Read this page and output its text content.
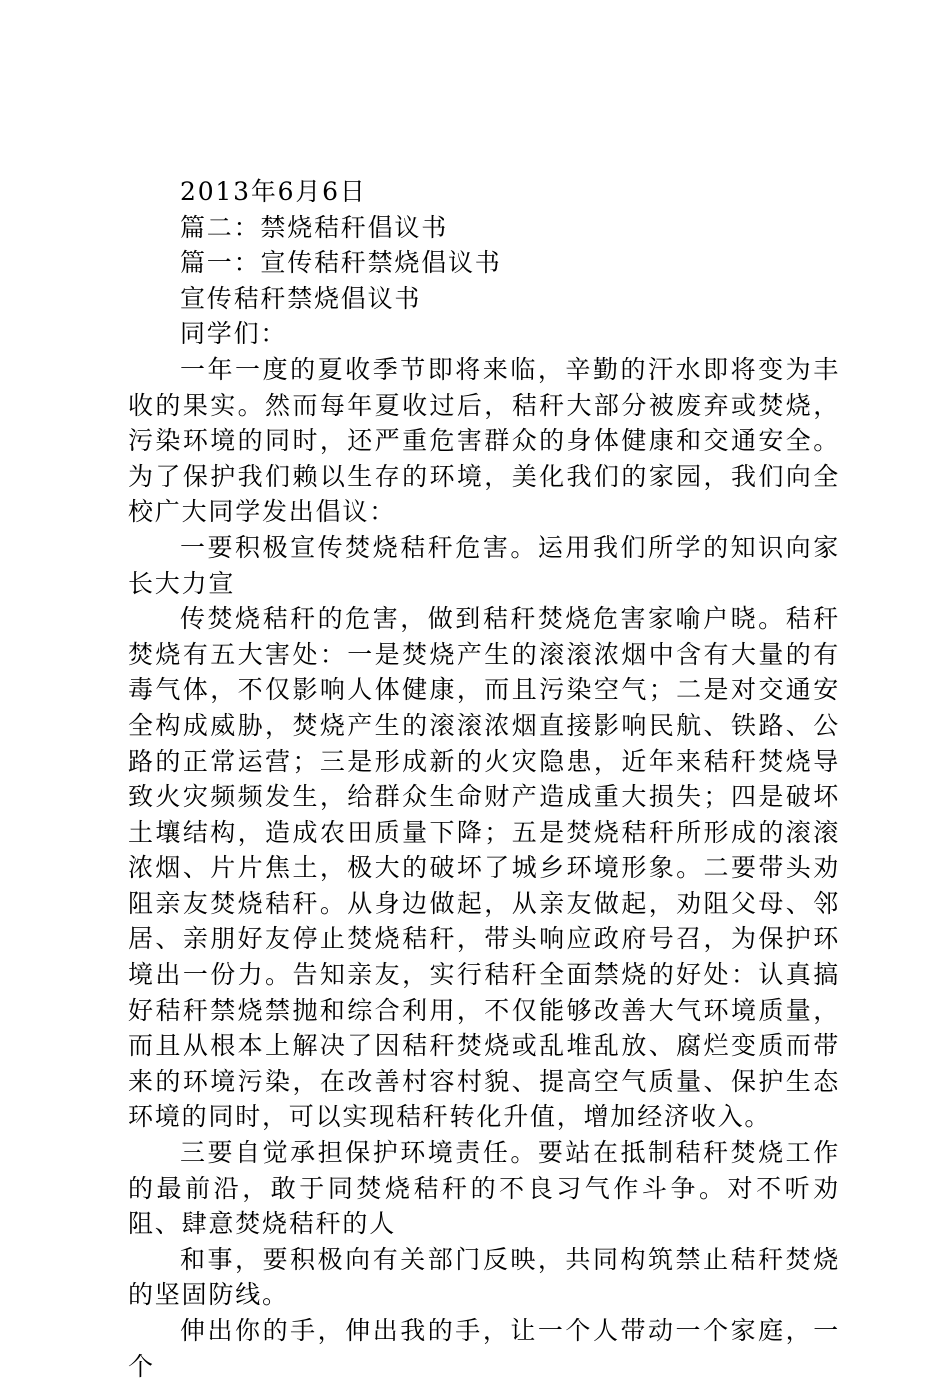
2013年6月6日

篇二：禁烧秸秆倡议书

篇一：宣传秸秆禁烧倡议书

宣传秸秆禁烧倡议书

同学们：

一年一度的夏收季节即将来临，辛勤的汗水即将变为丰收的果实。然而每年夏收过后，秸秆大部分被废弃或焚烧，污染环境的同时，还严重危害群众的身体健康和交通安全。为了保护我们赖以生存的环境，美化我们的家园，我们向全校广大同学发出倡议：

一要积极宣传焚烧秸秆危害。运用我们所学的知识向家长大力宣

传焚烧秸秆的危害，做到秸秆焚烧危害家喻户晓。秸秆焚烧有五大害处：一是焚烧产生的滚滚浓烟中含有大量的有毒气体，不仅影响人体健康，而且污染空气；二是对交通安全构成威胁，焚烧产生的滚滚浓烟直接影响民航、铁路、公路的正常运营；三是形成新的火灾隐患，近年来秸秆焚烧导致火灾频频发生，给群众生命财产造成重大损失；四是破坏土壤结构，造成农田质量下降；五是焚烧秸秆所形成的滚滚浓烟、片片焦土，极大的破坏了城乡环境形象。二要带头劝阻亲友焚烧秸秆。从身边做起，从亲友做起，劝阻父母、邻居、亲朋好友停止焚烧秸秆，带头响应政府号召，为保护环境出一份力。告知亲友，实行秸秆全面禁烧的好处：认真搞好秸秆禁烧禁抛和综合利用，不仅能够改善大气环境质量，而且从根本上解决了因秸秆焚烧或乱堆乱放、腐烂变质而带来的环境污染，在改善村容村貌、提高空气质量、保护生态环境的同时，可以实现秸秆转化升值，增加经济收入。

三要自觉承担保护环境责任。要站在抵制秸秆焚烧工作的最前沿，敢于同焚烧秸秆的不良习气作斗争。对不听劝阻、肆意焚烧秸秆的人

和事，要积极向有关部门反映，共同构筑禁止秸秆焚烧的坚固防线。

伸出你的手，伸出我的手，让一个人带动一个家庭，一个
